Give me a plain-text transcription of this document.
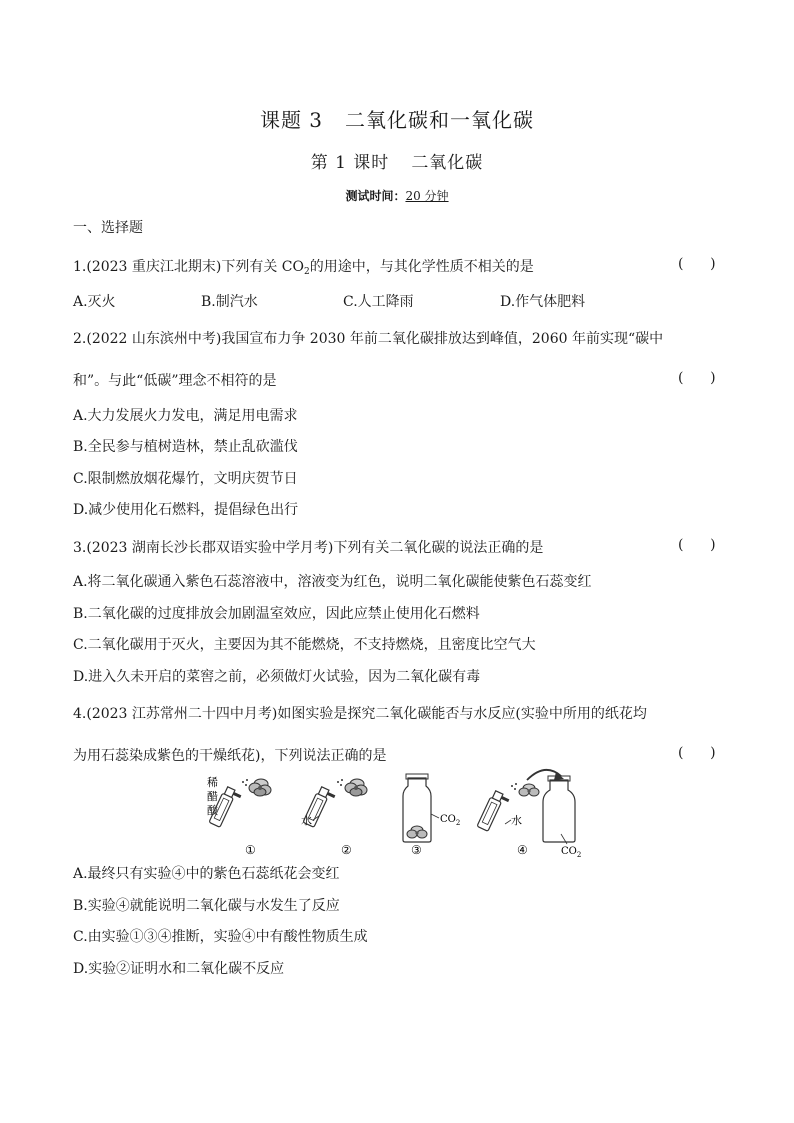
课题 3 二氧化碳和一氧化碳
第 1 课时 二氧化碳
测试时间：20 分钟
一、选择题
1.(2023 重庆江北期末)下列有关 $CO_2$的用途中，与其化学性质不相关的是	(      )
A.灭火	B.制汽水	C.人工降雨	D.作气体肥料
2.(2022 山东滨州中考)我国宣布力争 2030 年前二氧化碳排放达到峰值，2060 年前实现“碳中
和”。与此“低碳”理念不相符的是	(      )
A.大力发展火力发电，满足用电需求
B.全民参与植树造林，禁止乱砍滥伐
C.限制燃放烟花爆竹，文明庆贺节日
D.减少使用化石燃料，提倡绿色出行
3.(2023 湖南长沙长郡双语实验中学月考)下列有关二氧化碳的说法正确的是	(      )
A.将二氧化碳通入紫色石蕊溶液中，溶液变为红色，说明二氧化碳能使紫色石蕊变红
B.二氧化碳的过度排放会加剧温室效应，因此应禁止使用化石燃料
C.二氧化碳用于灭火，主要因为其不能燃烧，不支持燃烧，且密度比空气大
D.进入久未开启的菜窖之前，必须做灯火试验，因为二氧化碳有毒
4.(2023 江苏常州二十四中月考)如图实验是探究二氧化碳能否与水反应(实验中所用的纸花均
为用石蕊染成紫色的干燥纸花)，下列说法正确的是	(      )
稀
醋
酸
①
水
②
$CO_2$
③
水
$CO_2$
④
A.最终只有实验④中的紫色石蕊纸花会变红
B.实验④就能说明二氧化碳与水发生了反应
C.由实验①③④推断，实验④中有酸性物质生成
D.实验②证明水和二氧化碳不反应
